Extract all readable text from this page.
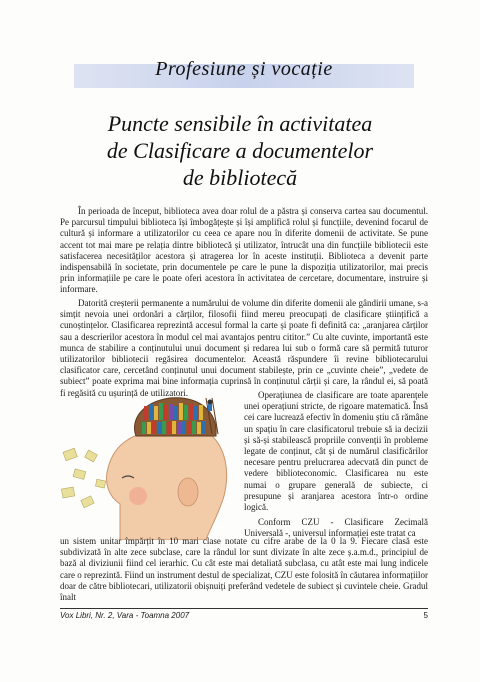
Profesiune și vocație
Puncte sensibile în activitatea
de Clasificare a documentelor
de bibliotecă

În perioada de început, biblioteca avea doar rolul de a păstra și conserva cartea sau documentul. Pe parcursul timpului biblioteca își îmbogățește și își amplifică rolul și funcțiile, devenind focarul de cultură și informare a utilizatorilor cu ceea ce apare nou în diferite domenii de activitate. Se pune accent tot mai mare pe relația dintre bibliotecă și utilizator, întrucât una din funcțiile bibliotecii este satisfacerea necesităților acestora și atragerea lor în aceste instituții. Biblioteca a devenit parte indispensabilă în societate, prin documentele pe care le pune la dispoziția utilizatorilor, mai precis prin informațiile pe care le poate oferi acestora în activitatea de cercetare, documentare, instruire și informare.

Datorită creșterii permanente a numărului de volume din diferite domenii ale gândirii umane, s-a simțit nevoia unei ordonări a cărților, filosofii fiind mereu preocupați de clasificare științifică a cunoștințelor. Clasificarea reprezintă accesul formal la carte și poate fi definită ca: „aranjarea cărților sau a descrierilor acestora în modul cel mai avantajos pentru cititor.” Cu alte cuvinte, importantă este munca de stabilire a conținutului unui document și redarea lui sub o formă care să permită tuturor utilizatorilor bibliotecii regăsirea documentelor. Această răspundere îi revine bibliotecarului clasificator care, cercetând conținutul unui document stabilește, prin ce „cuvinte cheie”, „vedete de subiect” poate exprima mai bine informația cuprinsă în conținutul cărții și care, la rândul ei, să poată fi regăsită cu ușurință de utilizatori.	Operațiunea de clasificare are toate aparențele unei operațiuni stricte, de rigoare matematică. Însă cei care lucrează efectiv în domeniu știu că rămâne un spațiu în care clasificatorul trebuie să ia decizii și să-și stabilească propriile convenții în probleme legate de conținut, cât și de numărul clasificărilor necesare pentru prelucrarea adecvată din punct de vedere biblioteconomic. Clasificarea nu este numai o grupare generală de subiecte, ci presupune și aranjarea acestora într-o ordine logică.

Conform CZU - Clasificare Zecimală Universală -, universul informației este tratat ca

un sistem unitar împărțit în 10 mari clase notate cu cifre arabe de la 0 la 9. Fiecare clasă este subdivizată în alte zece subclase, care la rândul lor sunt divizate în alte zece ș.a.m.d., principiul de bază al diviziunii fiind cel ierarhic. Cu cât este mai detaliată subclasa, cu atât este mai lung indicele care o reprezintă. Fiind un instrument destul de specializat, CZU este folosită în căutarea informațiilor doar de către bibliotecari, utilizatorii obișnuiți preferând vedetele de subiect și cuvintele cheie. Gradul înalt

Vox Libri, Nr. 2, Vara - Toamna 2007	5
